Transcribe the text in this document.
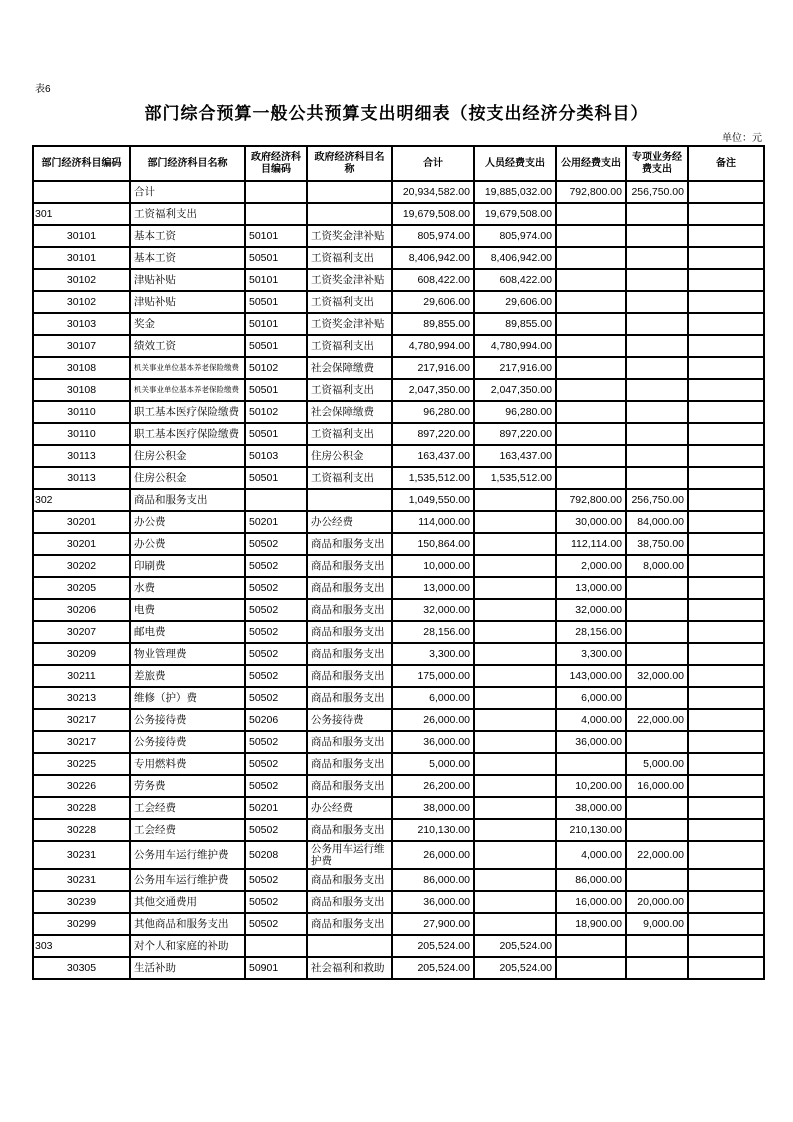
表6
部门综合预算一般公共预算支出明细表（按支出经济分类科目）
单位：元
部门经济科目编码	部门经济科目名称	政府经济科目编码	政府经济科目名称	合计	人员经费支出	公用经费支出	专项业务经费支出	备注
	合计			20,934,582.00	19,885,032.00	792,800.00	256,750.00	
301	工资福利支出			19,679,508.00	19,679,508.00			
30101	基本工资	50101	工资奖金津补贴	805,974.00	805,974.00			
30101	基本工资	50501	工资福利支出	8,406,942.00	8,406,942.00			
30102	津贴补贴	50101	工资奖金津补贴	608,422.00	608,422.00			
30102	津贴补贴	50501	工资福利支出	29,606.00	29,606.00			
30103	奖金	50101	工资奖金津补贴	89,855.00	89,855.00			
30107	绩效工资	50501	工资福利支出	4,780,994.00	4,780,994.00			
30108	机关事业单位基本养老保险缴费	50102	社会保障缴费	217,916.00	217,916.00			
30108	机关事业单位基本养老保险缴费	50501	工资福利支出	2,047,350.00	2,047,350.00			
30110	职工基本医疗保险缴费	50102	社会保障缴费	96,280.00	96,280.00			
30110	职工基本医疗保险缴费	50501	工资福利支出	897,220.00	897,220.00			
30113	住房公积金	50103	住房公积金	163,437.00	163,437.00			
30113	住房公积金	50501	工资福利支出	1,535,512.00	1,535,512.00			
302	商品和服务支出			1,049,550.00		792,800.00	256,750.00	
30201	办公费	50201	办公经费	114,000.00		30,000.00	84,000.00	
30201	办公费	50502	商品和服务支出	150,864.00		112,114.00	38,750.00	
30202	印刷费	50502	商品和服务支出	10,000.00		2,000.00	8,000.00	
30205	水费	50502	商品和服务支出	13,000.00		13,000.00		
30206	电费	50502	商品和服务支出	32,000.00		32,000.00		
30207	邮电费	50502	商品和服务支出	28,156.00		28,156.00		
30209	物业管理费	50502	商品和服务支出	3,300.00		3,300.00		
30211	差旅费	50502	商品和服务支出	175,000.00		143,000.00	32,000.00	
30213	维修（护）费	50502	商品和服务支出	6,000.00		6,000.00		
30217	公务接待费	50206	公务接待费	26,000.00		4,000.00	22,000.00	
30217	公务接待费	50502	商品和服务支出	36,000.00		36,000.00		
30225	专用燃料费	50502	商品和服务支出	5,000.00			5,000.00	
30226	劳务费	50502	商品和服务支出	26,200.00		10,200.00	16,000.00	
30228	工会经费	50201	办公经费	38,000.00		38,000.00		
30228	工会经费	50502	商品和服务支出	210,130.00		210,130.00		
30231	公务用车运行维护费	50208	公务用车运行维护费	26,000.00		4,000.00	22,000.00	
30231	公务用车运行维护费	50502	商品和服务支出	86,000.00		86,000.00		
30239	其他交通费用	50502	商品和服务支出	36,000.00		16,000.00	20,000.00	
30299	其他商品和服务支出	50502	商品和服务支出	27,900.00		18,900.00	9,000.00	
303	对个人和家庭的补助			205,524.00	205,524.00			
30305	生活补助	50901	社会福利和救助	205,524.00	205,524.00			
